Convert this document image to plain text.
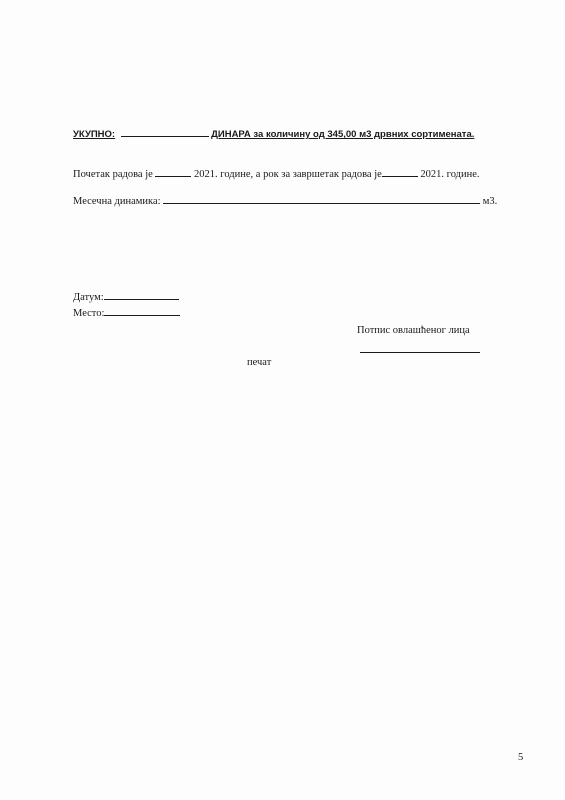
УКУПНО:	ДИНАРА за количину од 345,00 м3 дрвних сортимената.
Почетак радова је	2021. године, а рок за завршетак радова је	2021. године.
Месечна динамика:	м3.
Датум:
Место:
Потпис овлашћеног лица
печат
5
